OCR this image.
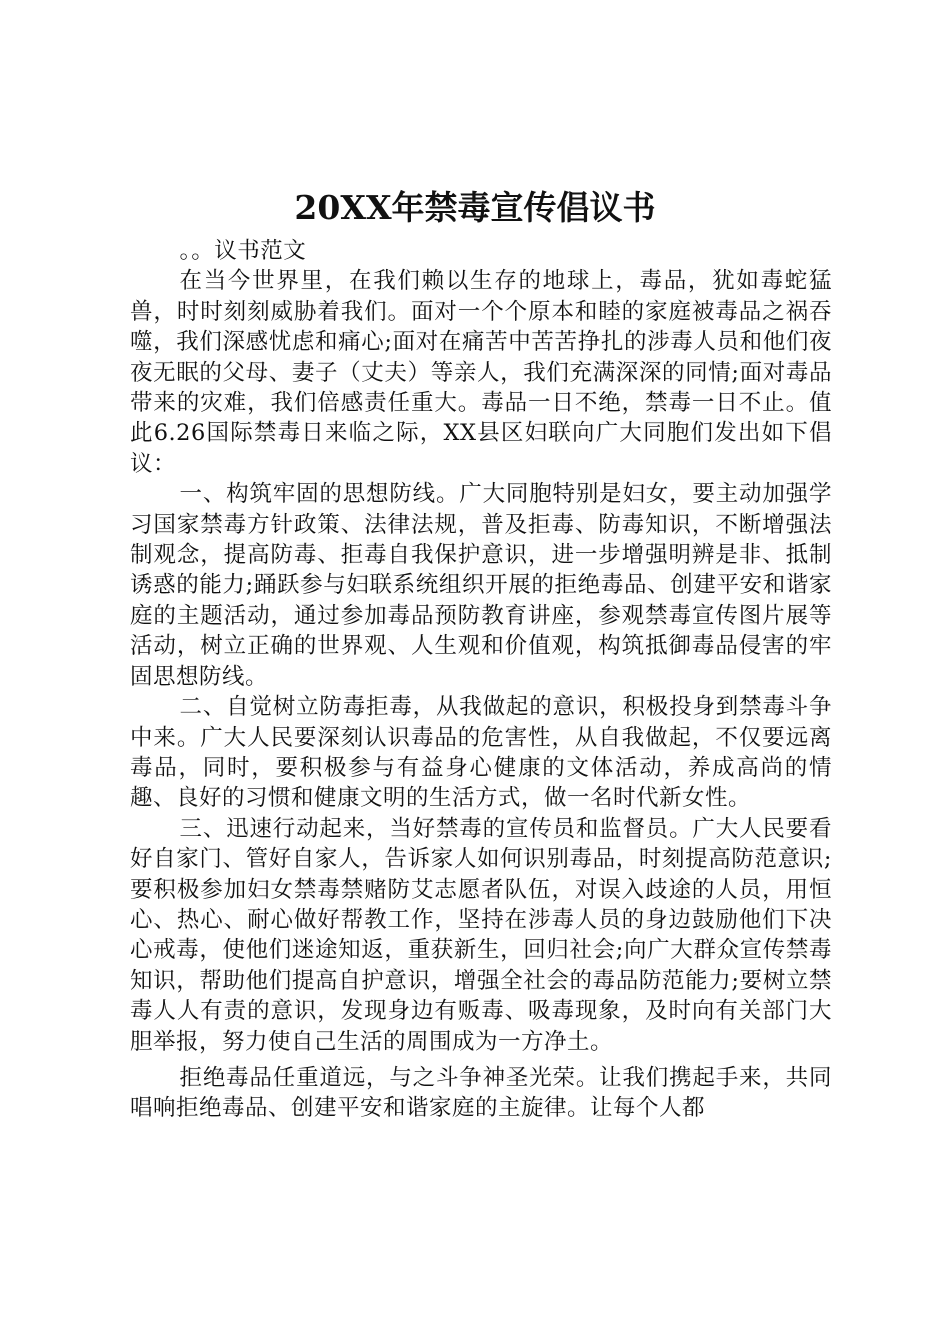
20XX年禁毒宣传倡议书

。。议书范文

在当今世界里，在我们赖以生存的地球上，毒品，犹如毒蛇猛兽，时时刻刻威胁着我们。面对一个个原本和睦的家庭被毒品之祸吞噬，我们深感忧虑和痛心;面对在痛苦中苦苦挣扎的涉毒人员和他们夜夜无眠的父母、妻子（丈夫）等亲人，我们充满深深的同情;面对毒品带来的灾难，我们倍感责任重大。毒品一日不绝，禁毒一日不止。值此6.26国际禁毒日来临之际，XX县区妇联向广大同胞们发出如下倡议：

一、构筑牢固的思想防线。广大同胞特别是妇女，要主动加强学习国家禁毒方针政策、法律法规，普及拒毒、防毒知识，不断增强法制观念，提高防毒、拒毒自我保护意识，进一步增强明辨是非、抵制诱惑的能力;踊跃参与妇联系统组织开展的拒绝毒品、创建平安和谐家庭的主题活动，通过参加毒品预防教育讲座，参观禁毒宣传图片展等活动，树立正确的世界观、人生观和价值观，构筑抵御毒品侵害的牢固思想防线。

二、自觉树立防毒拒毒，从我做起的意识，积极投身到禁毒斗争中来。广大人民要深刻认识毒品的危害性，从自我做起，不仅要远离毒品，同时，要积极参与有益身心健康的文体活动，养成高尚的情趣、良好的习惯和健康文明的生活方式，做一名时代新女性。

三、迅速行动起来，当好禁毒的宣传员和监督员。广大人民要看好自家门、管好自家人，告诉家人如何识别毒品，时刻提高防范意识;要积极参加妇女禁毒禁赌防艾志愿者队伍，对误入歧途的人员，用恒心、热心、耐心做好帮教工作，坚持在涉毒人员的身边鼓励他们下决心戒毒，使他们迷途知返，重获新生，回归社会;向广大群众宣传禁毒知识，帮助他们提高自护意识，增强全社会的毒品防范能力;要树立禁毒人人有责的意识，发现身边有贩毒、吸毒现象，及时向有关部门大胆举报，努力使自己生活的周围成为一方净土。

拒绝毒品任重道远，与之斗争神圣光荣。让我们携起手来，共同唱响拒绝毒品、创建平安和谐家庭的主旋律。让每个人都
